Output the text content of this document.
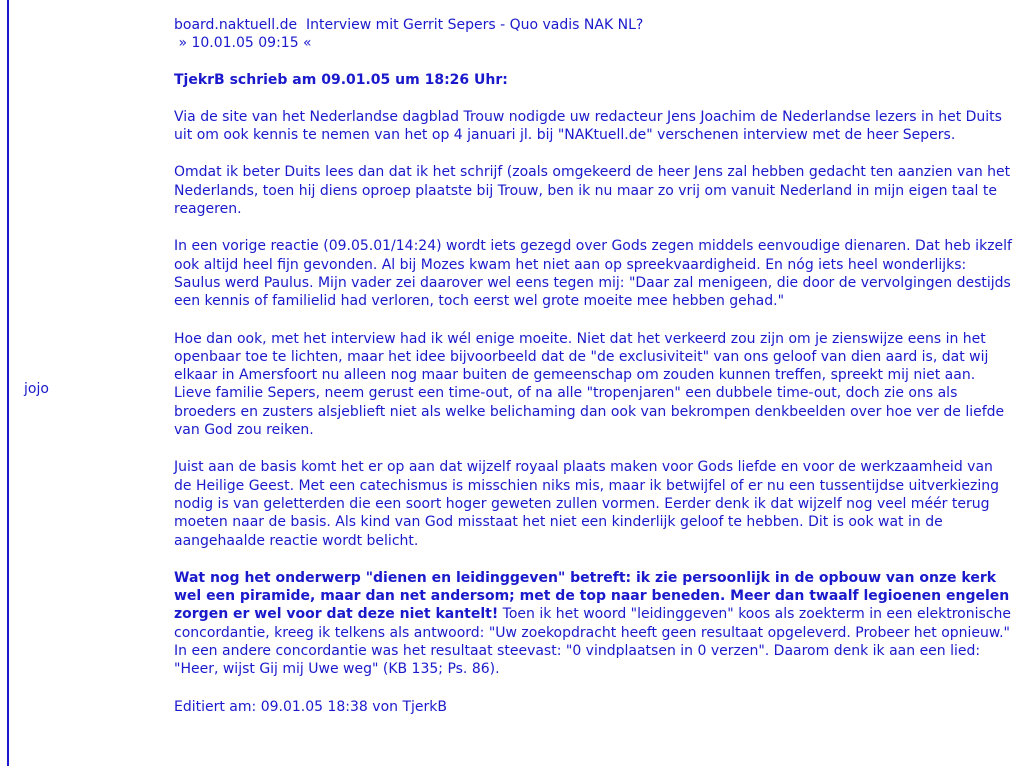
jojo

board.naktuell.de  Interview mit Gerrit Sepers - Quo vadis NAK NL?

» 10.01.05 09:15 «

TjekrB schrieb am 09.01.05 um 18:26 Uhr:

Via de site van het Nederlandse dagblad Trouw nodigde uw redacteur Jens Joachim de Nederlandse lezers in het Duits uit om ook kennis te nemen van het op 4 januari jl. bij "NAKtuell.de" verschenen interview met de heer Sepers.

Omdat ik beter Duits lees dan dat ik het schrijf (zoals omgekeerd de heer Jens zal hebben gedacht ten aanzien van het Nederlands, toen hij diens oproep plaatste bij Trouw, ben ik nu maar zo vrij om vanuit Nederland in mijn eigen taal te reageren.

In een vorige reactie (09.05.01/14:24) wordt iets gezegd over Gods zegen middels eenvoudige dienaren. Dat heb ikzelf ook altijd heel fijn gevonden. Al bij Mozes kwam het niet aan op spreekvaardigheid. En nóg iets heel wonderlijks: Saulus werd Paulus. Mijn vader zei daarover wel eens tegen mij: "Daar zal menigeen, die door de vervolgingen destijds een kennis of familielid had verloren, toch eerst wel grote moeite mee hebben gehad."

Hoe dan ook, met het interview had ik wél enige moeite. Niet dat het verkeerd zou zijn om je zienswijze eens in het openbaar toe te lichten, maar het idee bijvoorbeeld dat de "de exclusiviteit" van ons geloof van dien aard is, dat wij elkaar in Amersfoort nu alleen nog maar buiten de gemeenschap om zouden kunnen treffen, spreekt mij niet aan. Lieve familie Sepers, neem gerust een time-out, of na alle "tropenjaren" een dubbele time-out, doch zie ons als broeders en zusters alsjeblieft niet als welke belichaming dan ook van bekrompen denkbeelden over hoe ver de liefde van God zou reiken.

Juist aan de basis komt het er op aan dat wijzelf royaal plaats maken voor Gods liefde en voor de werkzaamheid van de Heilige Geest. Met een catechismus is misschien niks mis, maar ik betwijfel of er nu een tussentijdse uitverkiezing nodig is van geletterden die een soort hoger geweten zullen vormen. Eerder denk ik dat wijzelf nog veel méér terug moeten naar de basis. Als kind van God misstaat het niet een kinderlijk geloof te hebben. Dit is ook wat in de aangehaalde reactie wordt belicht.

Wat nog het onderwerp "dienen en leidinggeven" betreft: ik zie persoonlijk in de opbouw van onze kerk wel een piramide, maar dan net andersom; met de top naar beneden. Meer dan twaalf legioenen engelen zorgen er wel voor dat deze niet kantelt! Toen ik het woord "leidinggeven" koos als zoekterm in een elektronische concordantie, kreeg ik telkens als antwoord: "Uw zoekopdracht heeft geen resultaat opgeleverd. Probeer het opnieuw." In een andere concordantie was het resultaat steevast: "0 vindplaatsen in 0 verzen". Daarom denk ik aan een lied: "Heer, wijst Gij mij Uwe weg" (KB 135; Ps. 86).

Editiert am: 09.01.05 18:38 von TjerkB
